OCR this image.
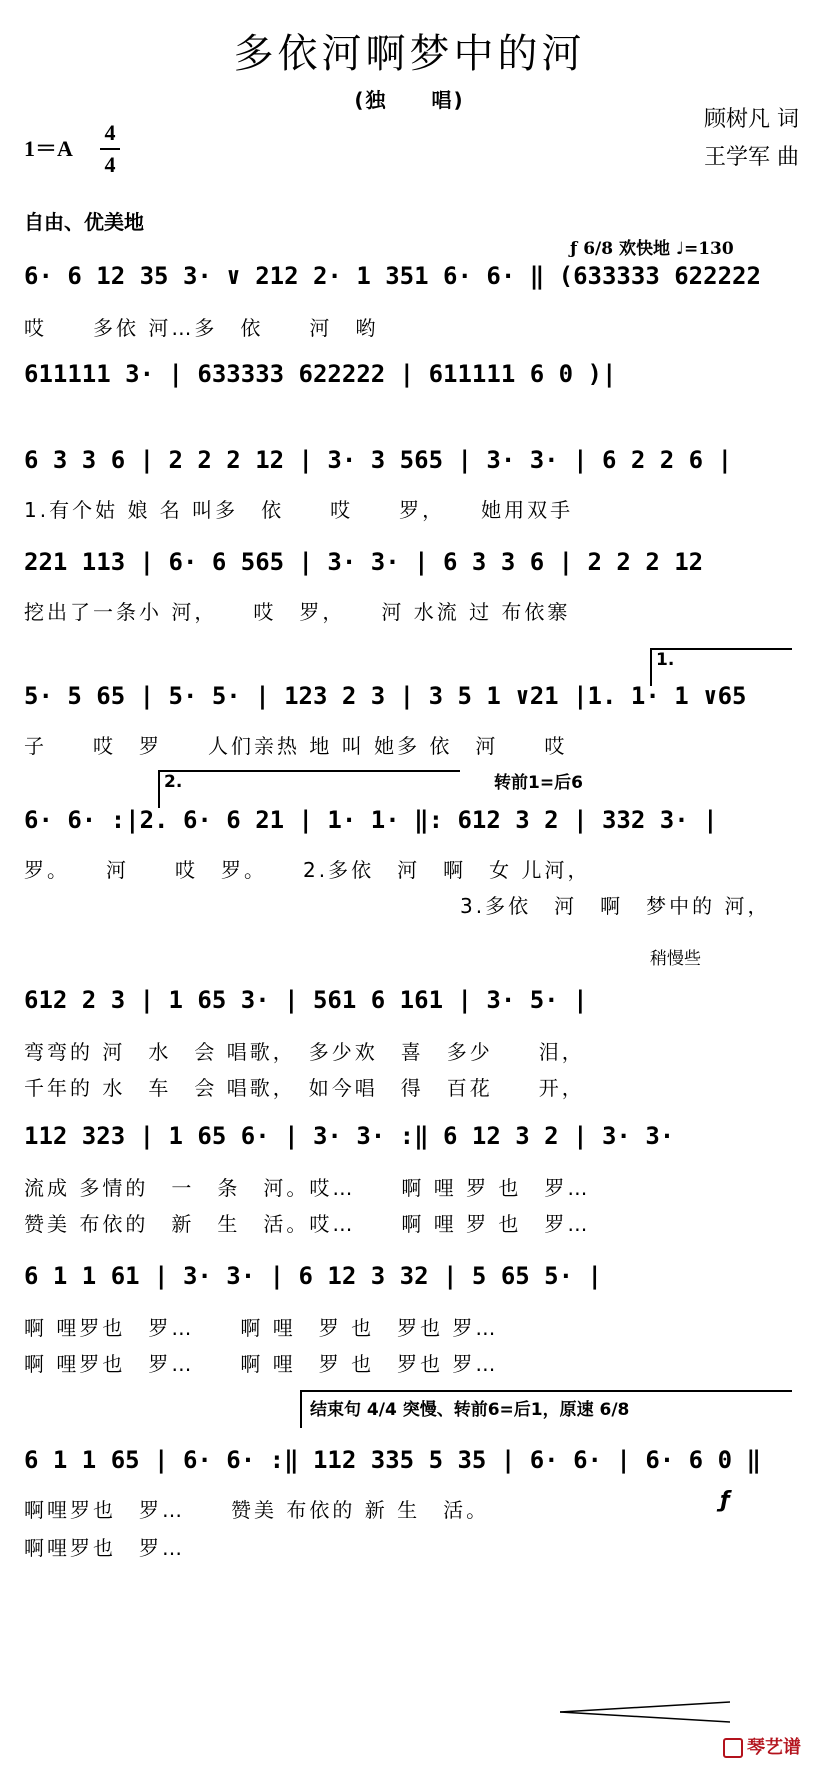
多依河啊梦中的河
(独　　唱)
1＝A
4
4
顾树凡 词
王学军 曲
自由、优美地
ƒ 6/8 欢快地 ♩=130
6· 6 12 35 3· ∨ 212 2· 1 351 6· 6· ‖ (633333 622222
哎　　多依 河…多　依　　河　哟
611111 3· | 633333 622222 | 611111 6 0 )|
6 3 3 6 | 2 2 2 12 | 3· 3 565 | 3· 3· | 6 2 2 6 |
1.有个姑 娘 名 叫多　依　　哎　　罗，　　她用双手
221 113 | 6· 6 565 | 3· 3· | 6 3 3 6 | 2 2 2 12
挖出了一条小 河，　　哎　罗，　　河 水流 过 布依寨
1.
5· 5 65 | 5· 5· | 123 2 3 | 3 5 1 ∨21 |1. 1· 1 ∨65
子　　哎　罗　　人们亲热 地 叫 她多 依　河　　哎
2.	转前1=后6
6· 6· :|2. 6· 6 21 | 1· 1· ‖: 612 3 2 | 332 3· |
罗。　　河　　哎　罗。　　2.多依　河　啊　女 儿河，
3.多依　河　啊　梦中的 河，
稍慢些
612 2 3 | 1 65 3· | 561 6 161 | 3· 5· |
弯弯的 河　水　会 唱歌，　多少欢　喜　多少　　泪，
千年的 水　车　会 唱歌，　如今唱　得　百花　　开，
112 323 | 1 65 6· | 3· 3· :‖ 6 12 3 2 | 3· 3·
流成 多情的　一　条　河。哎…　　啊 哩 罗 也　罗…
赞美 布依的　新　生　活。哎…　　啊 哩 罗 也　罗…
6 1 1 61 | 3· 3· | 6 12 3 32 | 5 65 5· |
啊 哩罗也　罗…　　啊 哩　罗 也　罗也 罗…
啊 哩罗也　罗…　　啊 哩　罗 也　罗也 罗…
结束句 4/4 突慢、转前6=后1，原速 6/8
6 1 1 65 | 6· 6· :‖ 112 335 5 35 | 6· 6· | 6· 6 0 ‖
啊哩罗也　罗…　　赞美 布依的 新 生　活。
啊哩罗也　罗…
ƒ
琴艺谱
